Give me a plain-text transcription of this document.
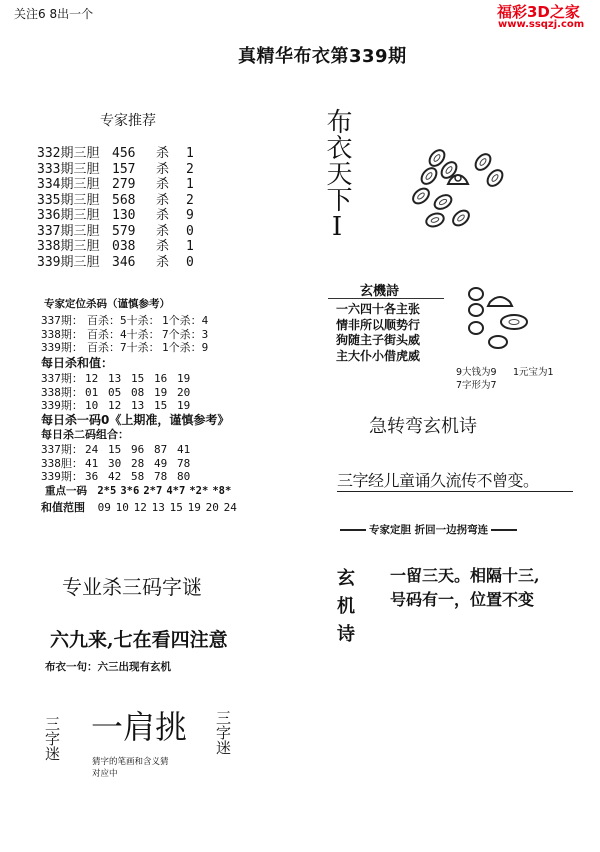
关注6 8出一个	福彩3D之家
www.ssqzj.com
真精华布衣第339期
专家推荐
332期三胆 456	杀	1
333期三胆 157	杀	2
334期三胆 279	杀	1
335期三胆 568	杀	2
336期三胆 130	杀	9
337期三胆 579	杀	0
338期三胆 038	杀	1
339期三胆 346	杀	0
专家定位杀码（谨慎参考）
337期： 百杀：5十杀： 1个杀：4
338期： 百杀：4十杀： 7个杀：3
339期： 百杀：7十杀： 1个杀：9
每日杀和值：
337期： 12 13 15 16 19
338期： 01 05 08 19 20
339期： 10 12 13 15 19
每日杀一码0《上期准，谨慎参考》
每日杀二码组合：
337期： 24 15 96 87 41
338胆： 41 30 28 49 78
339期： 36 42 58 78 80
重点一码 2*5 3*6 2*7 4*7 *2* *8*
和值范围 09 10 12 13 15 19 20 24
专业杀三码字谜
六九来,七在看四注意
布衣一句：六三出现有玄机
三字迷 一肩挑
猜字的笔画和含义猜
对应中
三字迷
布衣天下I
玄機詩
一六四十各主张
情非所以顺势行
狗随主子街头威
主大仆小借虎威
9大钱为9 1元宝为1
7字形为7
急转弯玄机诗
三字经儿童诵久流传不曾变。
专家定胆 折回一边拐弯连
玄机诗 一留三天。相隔十三,
号码有一，位置不变
